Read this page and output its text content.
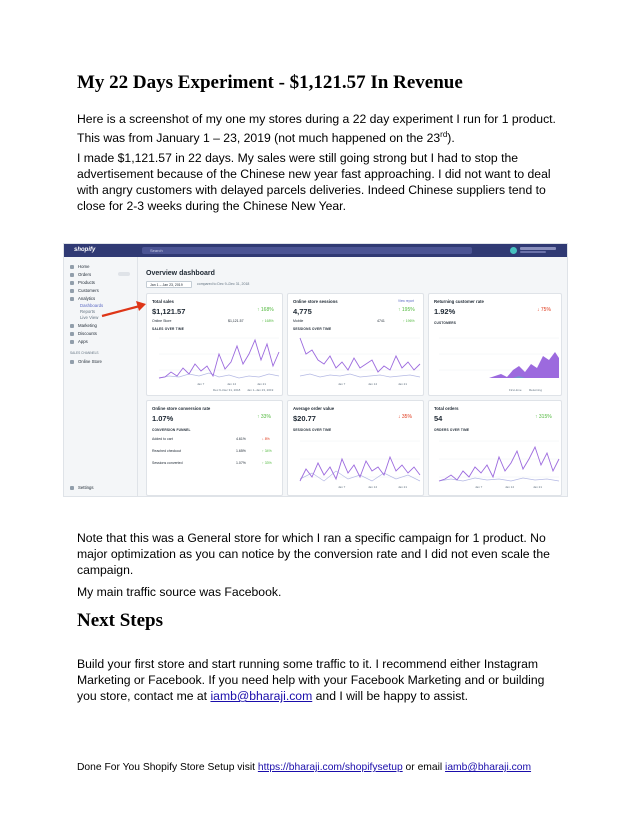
My 22 Days Experiment - $1,121.57 In Revenue

Here is a screenshot of my one my stores during a 22 day experiment I run for 1 product. This was from January 1 – 23, 2019 (not much happened on the 23rd).

I made $1,121.57 in 22 days. My sales were still going strong but I had to stop the advertisement because of the Chinese new year fast approaching. I did not want to deal with angry customers with delayed parcels deliveries. Indeed Chinese suppliers tend to close for 2-3 weeks during the Chinese New Year.

shopify	Search
Home
Orders
Products
Customers
Analytics
Dashboards
Reports
Live View
Marketing
Discounts
Apps
SALES CHANNELS
Online Store
Settings
Overview dashboard
Jan 1 – Jan 23, 2019	compared to Dec 9–Dec 31, 2018
Total sales
$1,121.57	↑ 168%
Online Store	$1,121.57	↑ 168%
SALES OVER TIME
Jan 7	Jan 14	Jan 21
Dec 9–Dec 31, 2018 Jan 1–Jan 23, 2019
Online store sessions	View report
4,775	↑ 195%
Mobile	4741	↑ 196%
SESSIONS OVER TIME
Jan 7	Jan 14	Jan 21
Returning customer rate
1.92%	↓ 75%
CUSTOMERS
First-time	Returning
Online store conversion rate
1.07%	↑ 33%
CONVERSION FUNNEL
Added to cart	4.61%	↓ 8%
Reached checkout	1.65%	↑ 34%
Sessions converted	1.07%	↑ 33%
Average order value
$20.77	↓ 35%
SESSIONS OVER TIME
Jan 7	Jan 14	Jan 21
Total orders
54	↑ 315%
ORDERS OVER TIME
Jan 7	Jan 14	Jan 21

Note that this was a General store for which I ran a specific campaign for 1 product. No major optimization as you can notice by the conversion rate and I did not even scale the campaign.

My main traffic source was Facebook.

Next Steps

Build your first store and start running some traffic to it. I recommend either Instagram Marketing or Facebook. If you need help with your Facebook Marketing and or building you store, contact me at iamb@bharaji.com and I will be happy to assist.

Done For You Shopify Store Setup visit https://bharaji.com/shopifysetup or email iamb@bharaji.com
